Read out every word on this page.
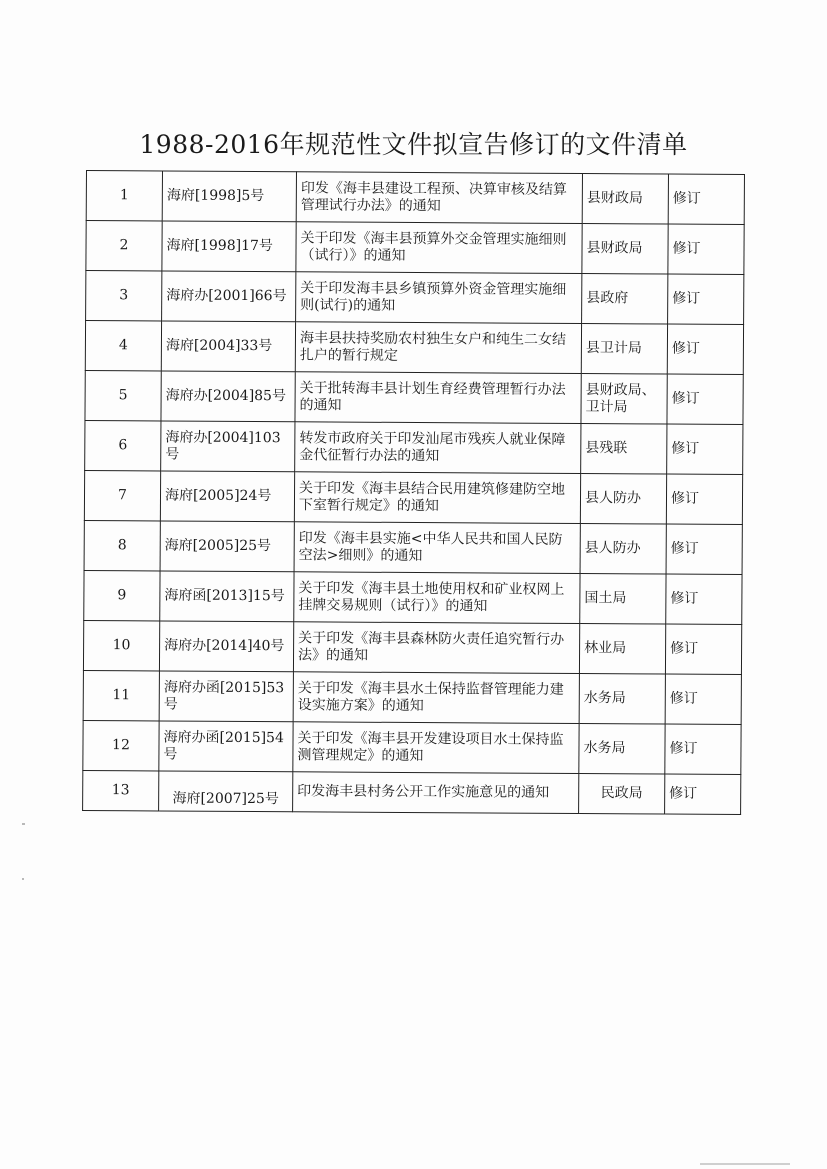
1988-2016年规范性文件拟宣告修订的文件清单
1	海府[1998]5号	印发《海丰县建设工程预、决算审核及结算管理试行办法》的通知	县财政局	修订
2	海府[1998]17号	关于印发《海丰县预算外交金管理实施细则（试行）》的通知	县财政局	修订
3	海府办[2001]66号	关于印发海丰县乡镇预算外资金管理实施细则(试行)的通知	县政府	修订
4	海府[2004]33号	海丰县扶持奖励农村独生女户和纯生二女结扎户的暂行规定	县卫计局	修订
5	海府办[2004]85号	关于批转海丰县计划生育经费管理暂行办法的通知	县财政局、卫计局	修订
6	海府办[2004]103号	转发市政府关于印发汕尾市残疾人就业保障金代征暂行办法的通知	县残联	修订
7	海府[2005]24号	关于印发《海丰县结合民用建筑修建防空地下室暂行规定》的通知	县人防办	修订
8	海府[2005]25号	印发《海丰县实施<中华人民共和国人民防空法>细则》的通知	县人防办	修订
9	海府函[2013]15号	关于印发《海丰县土地使用权和矿业权网上挂牌交易规则（试行）》的通知	国土局	修订
10	海府办[2014]40号	关于印发《海丰县森林防火责任追究暂行办法》的通知	林业局	修订
11	海府办函[2015]53号	关于印发《海丰县水土保持监督管理能力建设实施方案》的通知	水务局	修订
12	海府办函[2015]54号	关于印发《海丰县开发建设项目水土保持监测管理规定》的通知	水务局	修订
13	海府[2007]25号	印发海丰县村务公开工作实施意见的通知	民政局	修订
